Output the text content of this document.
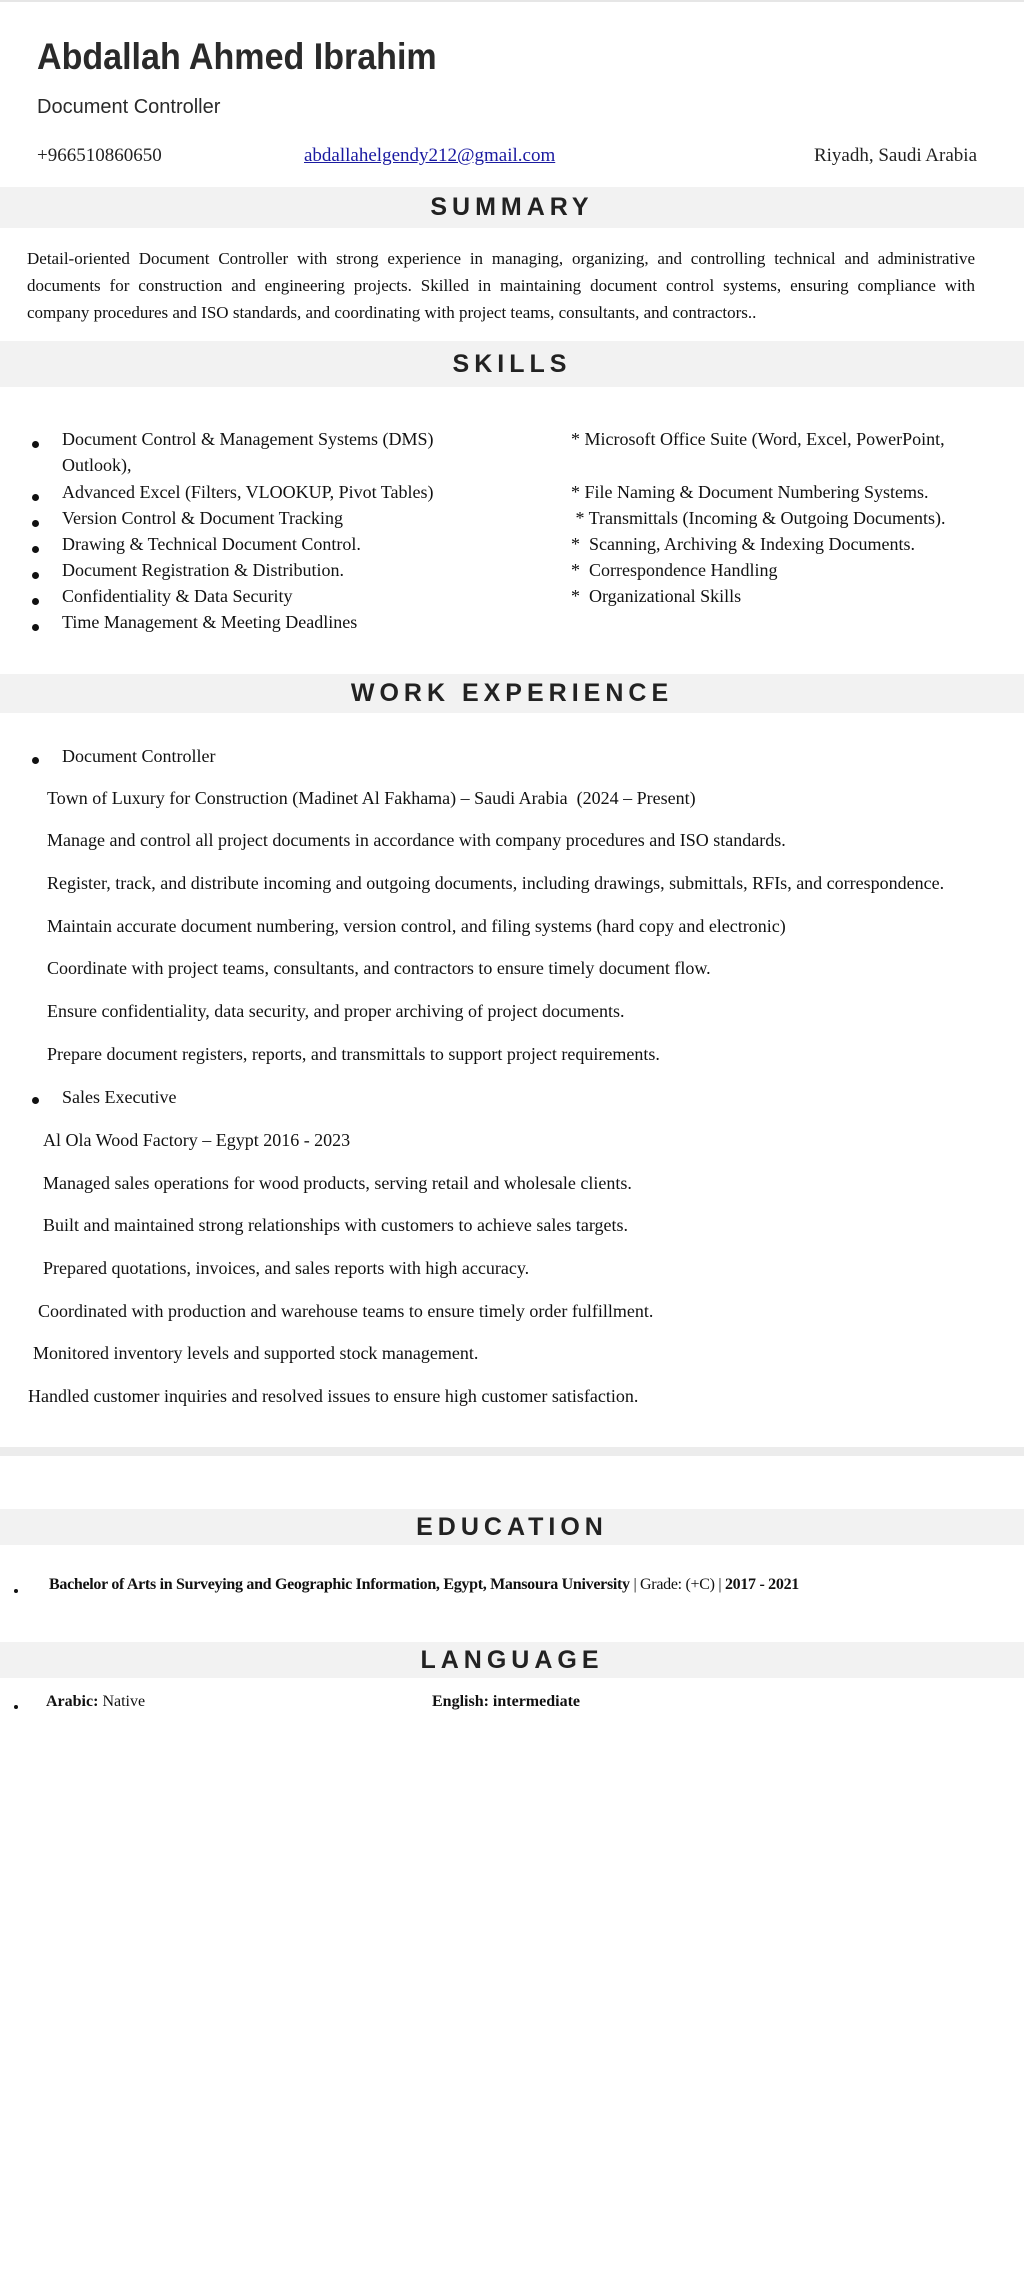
Abdallah Ahmed Ibrahim
Document Controller
+966510860650	abdallahelgendy212@gmail.com	Riyadh, Saudi Arabia
SUMMARY
Detail-oriented Document Controller with strong experience in managing, organizing, and controlling technical and administrative documents for construction and engineering projects. Skilled in maintaining document control systems, ensuring compliance with company procedures and ISO standards, and coordinating with project teams, consultants, and contractors..
SKILLS
Document Control & Management Systems (DMS)
Outlook),
Advanced Excel (Filters, VLOOKUP, Pivot Tables)
Version Control & Document Tracking
Drawing & Technical Document Control.
Document Registration & Distribution.
Confidentiality & Data Security
Time Management & Meeting Deadlines
* Microsoft Office Suite (Word, Excel, PowerPoint,
* File Naming & Document Numbering Systems.
* Transmittals (Incoming & Outgoing Documents).
*  Scanning, Archiving & Indexing Documents.
*  Correspondence Handling
*  Organizational Skills
WORK EXPERIENCE
Document Controller
Town of Luxury for Construction (Madinet Al Fakhama) – Saudi Arabia  (2024 – Present)
Manage and control all project documents in accordance with company procedures and ISO standards.
Register, track, and distribute incoming and outgoing documents, including drawings, submittals, RFIs, and correspondence.
Maintain accurate document numbering, version control, and filing systems (hard copy and electronic)
Coordinate with project teams, consultants, and contractors to ensure timely document flow.
Ensure confidentiality, data security, and proper archiving of project documents.
Prepare document registers, reports, and transmittals to support project requirements.
Sales Executive
Al Ola Wood Factory – Egypt 2016 - 2023
Managed sales operations for wood products, serving retail and wholesale clients.
Built and maintained strong relationships with customers to achieve sales targets.
Prepared quotations, invoices, and sales reports with high accuracy.
Coordinated with production and warehouse teams to ensure timely order fulfillment.
Monitored inventory levels and supported stock management.
Handled customer inquiries and resolved issues to ensure high customer satisfaction.
EDUCATION
Bachelor of Arts in Surveying and Geographic Information, Egypt, Mansoura University | Grade: (+C) | 2017 - 2021
LANGUAGE
Arabic: Native	English: intermediate
